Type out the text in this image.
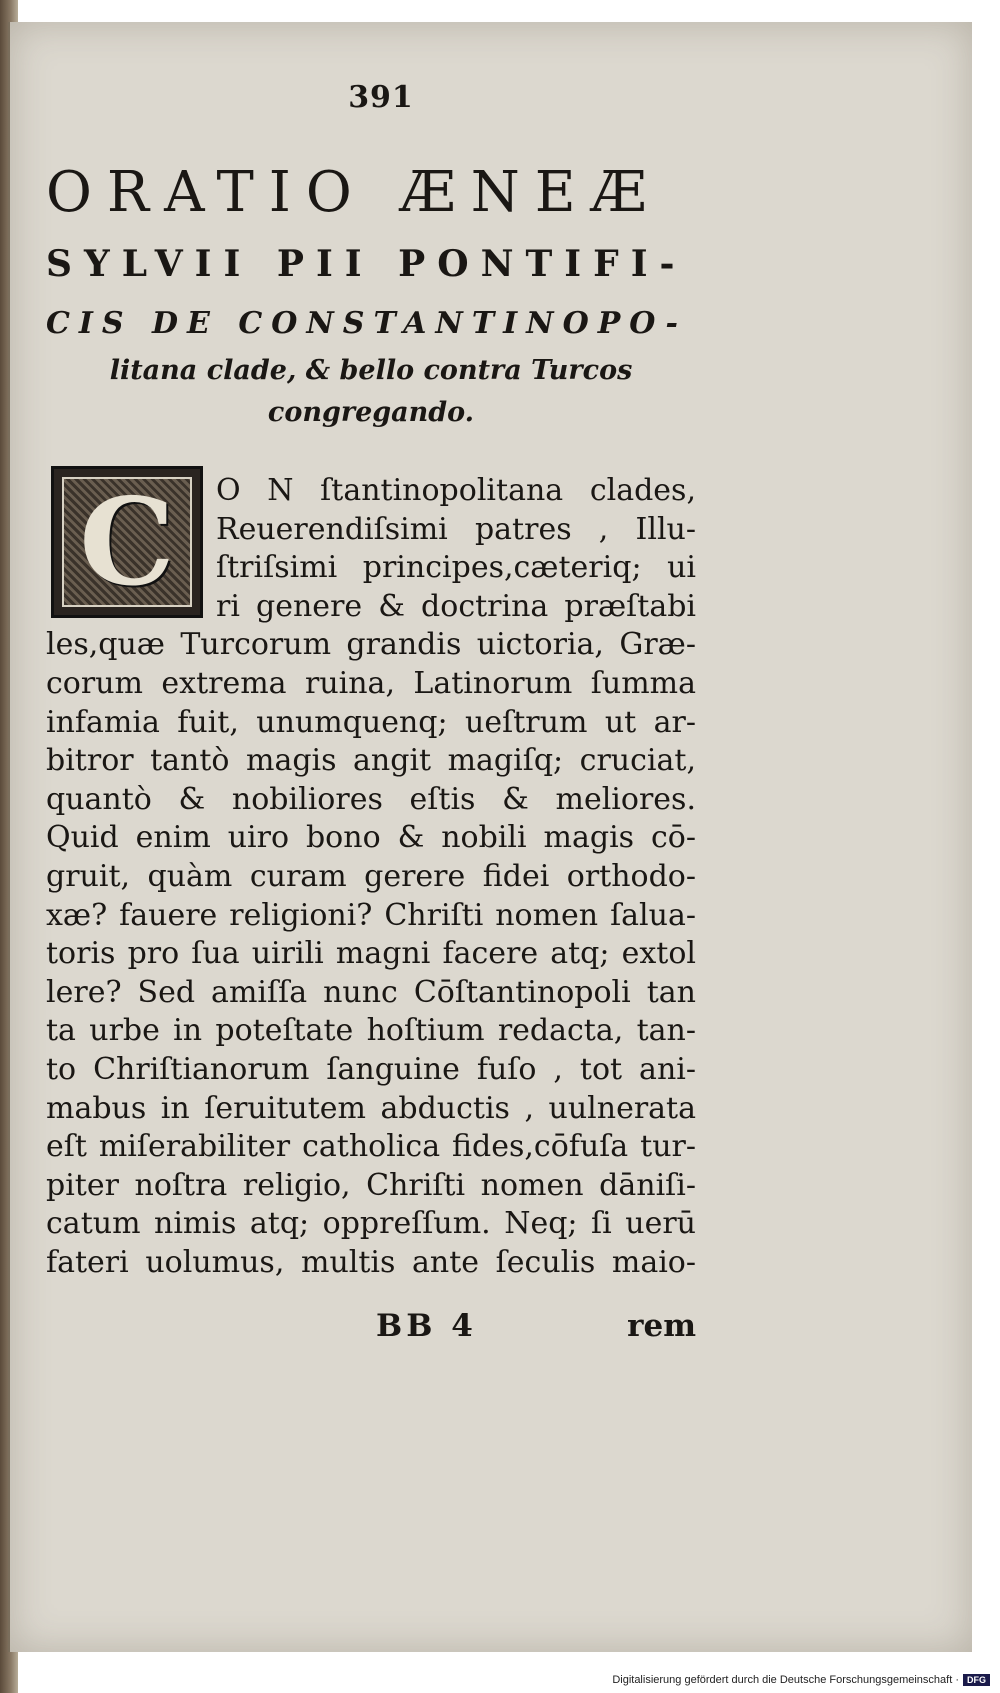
391
ORATIO ÆNEÆ
SYLVII PII PONTIFI-
CIS DE CONSTANTINOPO-
litana clade, & bello contra Turcos
congregando.
C	O N ſtantinopolitana clades,
Reuerendiſsimi patres , Illu-
ſtriſsimi principes,cæteriq; ui
ri genere & doctrina præſtabi
les,quæ Turcorum grandis uictoria, Græ-
corum extrema ruina, Latinorum ſumma
infamia fuit, unumquenq; ueſtrum ut ar-
bitror tantò magis angit magiſq; cruciat,
quantò & nobiliores eſtis & meliores.
Quid enim uiro bono & nobili magis cō-
gruit, quàm curam gerere fidei orthodo-
xæ? fauere religioni? Chriſti nomen ſalua-
toris pro ſua uirili magni facere atq; extol
lere? Sed amiſſa nunc Cōſtantinopoli tan
ta urbe in poteſtate hoſtium redacta, tan-
to Chriſtianorum ſanguine fuſo , tot ani-
mabus in ſeruitutem abductis , uulnerata
eſt miſerabiliter catholica fides,cōfuſa tur-
piter noſtra religio, Chriſti nomen dāniſi-
catum nimis atq; oppreſſum. Neq; ſi uerū
fateri uolumus, multis ante ſeculis maio-
BB 4	rem
Digitalisierung gefördert durch die Deutsche Forschungsgemeinschaft · DFG
